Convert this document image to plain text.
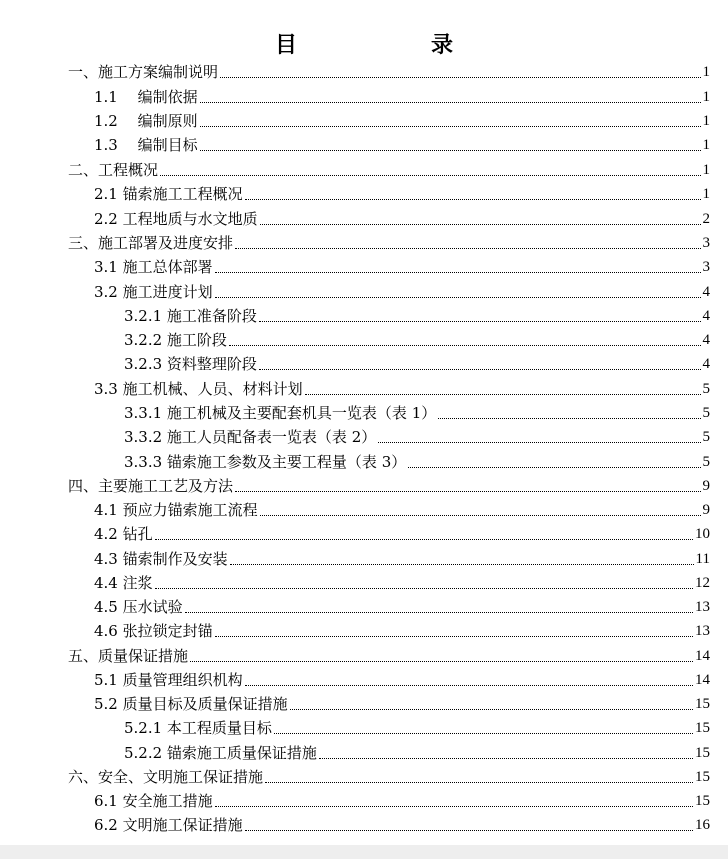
目　　录
一、施工方案编制说明	1
1.1　 编制依据	1
1.2　 编制原则	1
1.3　 编制目标	1
二、工程概况	1
2.1 锚索施工工程概况	1
2.2 工程地质与水文地质	2
三、施工部署及进度安排	3
3.1 施工总体部署	3
3.2 施工进度计划	4
3.2.1 施工准备阶段	4
3.2.2 施工阶段	4
3.2.3 资料整理阶段	4
3.3 施工机械、人员、材料计划	5
3.3.1 施工机械及主要配套机具一览表（表 1）	5
3.3.2 施工人员配备表一览表（表 2）	5
3.3.3 锚索施工参数及主要工程量（表 3）	5
四、主要施工工艺及方法	9
4.1 预应力锚索施工流程	9
4.2 钻孔	10
4.3 锚索制作及安装	11
4.4 注浆	12
4.5 压水试验	13
4.6 张拉锁定封锚	13
五、质量保证措施	14
5.1 质量管理组织机构	14
5.2 质量目标及质量保证措施	15
5.2.1 本工程质量目标	15
5.2.2 锚索施工质量保证措施	15
六、安全、文明施工保证措施	15
6.1 安全施工措施	15
6.2 文明施工保证措施	16
